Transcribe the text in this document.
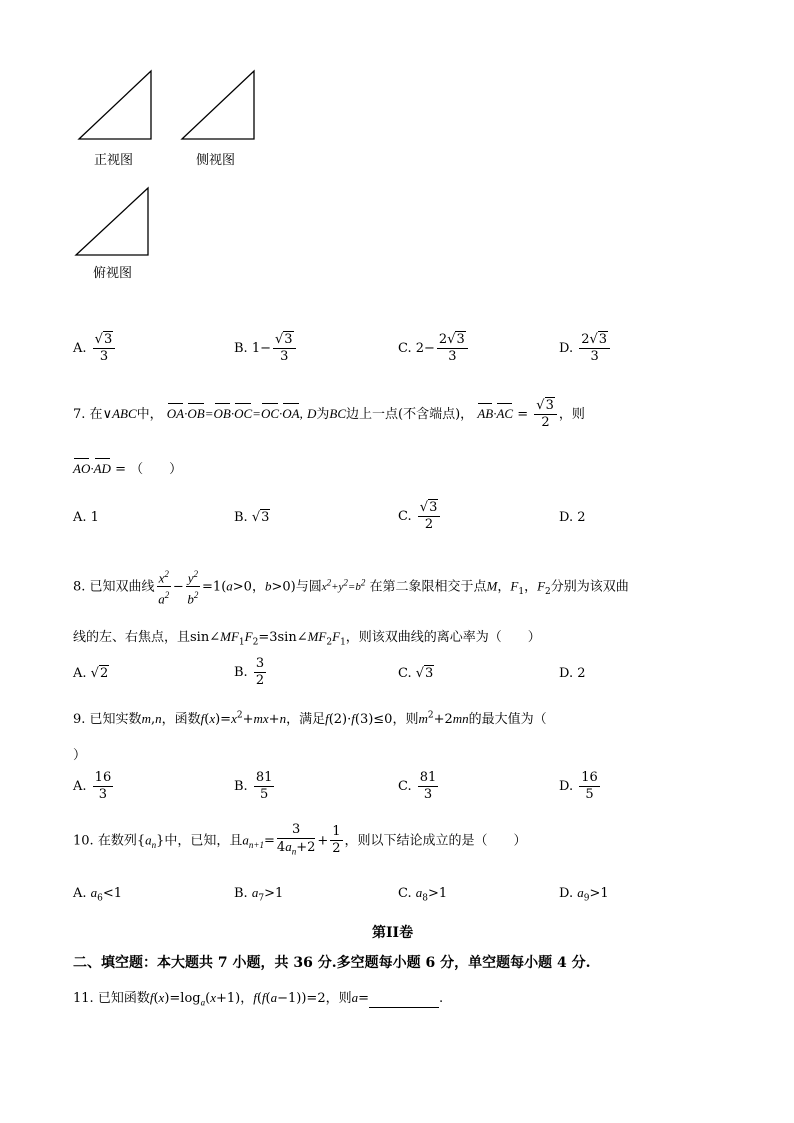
正视图	侧视图
俯视图
A. $\frac{√3}{3}$	B. $1- \frac{√3}{3}$	C. $2- \frac{2√3}{3}$	D. $\frac{2√3}{3}$
7. 在∨ABC中， OA·OB=OB·OC=OC·OA, D为BC边上一点(不含端点)， $AB\cdot AC = \frac{√3}{2}$ ，则
AO·AD = （　　）
A. 1	B. √3	C. $\frac{√3}{2}$	D. 2
8. 已知双曲线 $\frac{x^2}{a^2} - \frac{y^2}{b^2} =1(a>0$，b>0)与圆$x^2+y^2=b^2$ 在第二象限相交于点M，$F_1$，$F_2$分别为该双曲
线的左、右焦点，且$\sin\angle MF_1F_2=3\sin\angle MF_2F_1$，则该双曲线的离心率为（　　）
A. √2	B. $\frac{3}{2}$	C. √3	D. 2
9. 已知实数m,n，函数$f(x)=x^2+mx+n$，满足f(2)·f(3)≤0，则$m^2+2mn$的最大值为（
）
A. $\frac{16}{3}$	B. $\frac{81}{5}$	C. $\frac{81}{3}$	D. $\frac{16}{5}$
10. 在数列$\{a_n\}$中，已知，且$a_{n+1}= \frac{3}{4a_n+2} + \frac{1}{2}$ ，则以下结论成立的是（　　）
A. $a_6<1$	B. $a_7>1$	C. $a_8>1$	D. $a_9>1$
第II卷
二、填空题：本大题共 7 小题，共 36 分.多空题每小题 6 分，单空题每小题 4 分.
11. 已知函数$f(x)=\log_a(x+1)$，f(f(a−1))=2，则a=	.
